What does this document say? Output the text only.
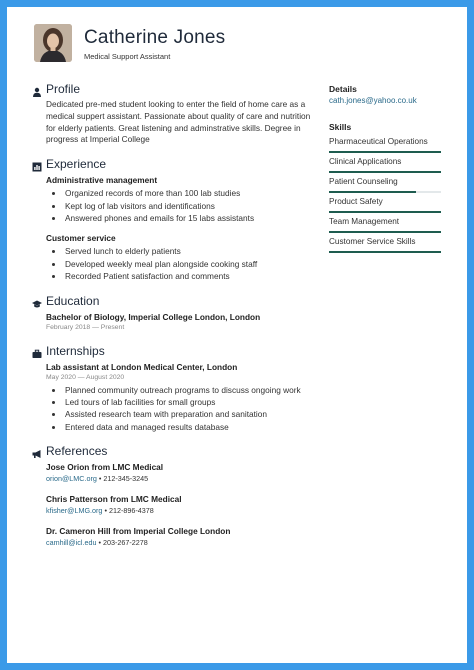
Catherine Jones
Medical Support Assistant
Profile
Dedicated pre-med student looking to enter the field of home care as a medical suppert assistant. Passionate about quality of care and nutrition for elderly patients. Great listening and adminstrative skills. Degree in progress at Imperial College
Experience
Administrative management
• Organized records of more than 100 lab studies
• Kept log of lab visitors and identifications
• Answered phones and emails for 15 labs assistants
Customer service
• Served lunch to elderly patients
• Developed weekly meal plan alongside cooking staff
• Recorded Patient satisfaction and comments
Education
Bachelor of Biology, Imperial College London, London
February 2018 — Present
Internships
Lab assistant at London Medical Center, London
May 2020 — August 2020
• Planned community outreach programs to discuss ongoing work
• Led tours of lab facilities for small groups
• Assisted research team with preparation and sanitation
• Entered data and managed results database
References
Jose Orion from LMC Medical
orion@LMC.org • 212-345-3245
Chris Patterson from LMC Medical
kfisher@LMG.org • 212-896-4378
Dr. Cameron Hill from Imperial College London
camhill@icl.edu • 203-267-2278
Details
cath.jones@yahoo.co.uk
Skills
Pharmaceutical Operations
Clinical Applications
Patient Counseling
Product Safety
Team Management
Customer Service Skills
